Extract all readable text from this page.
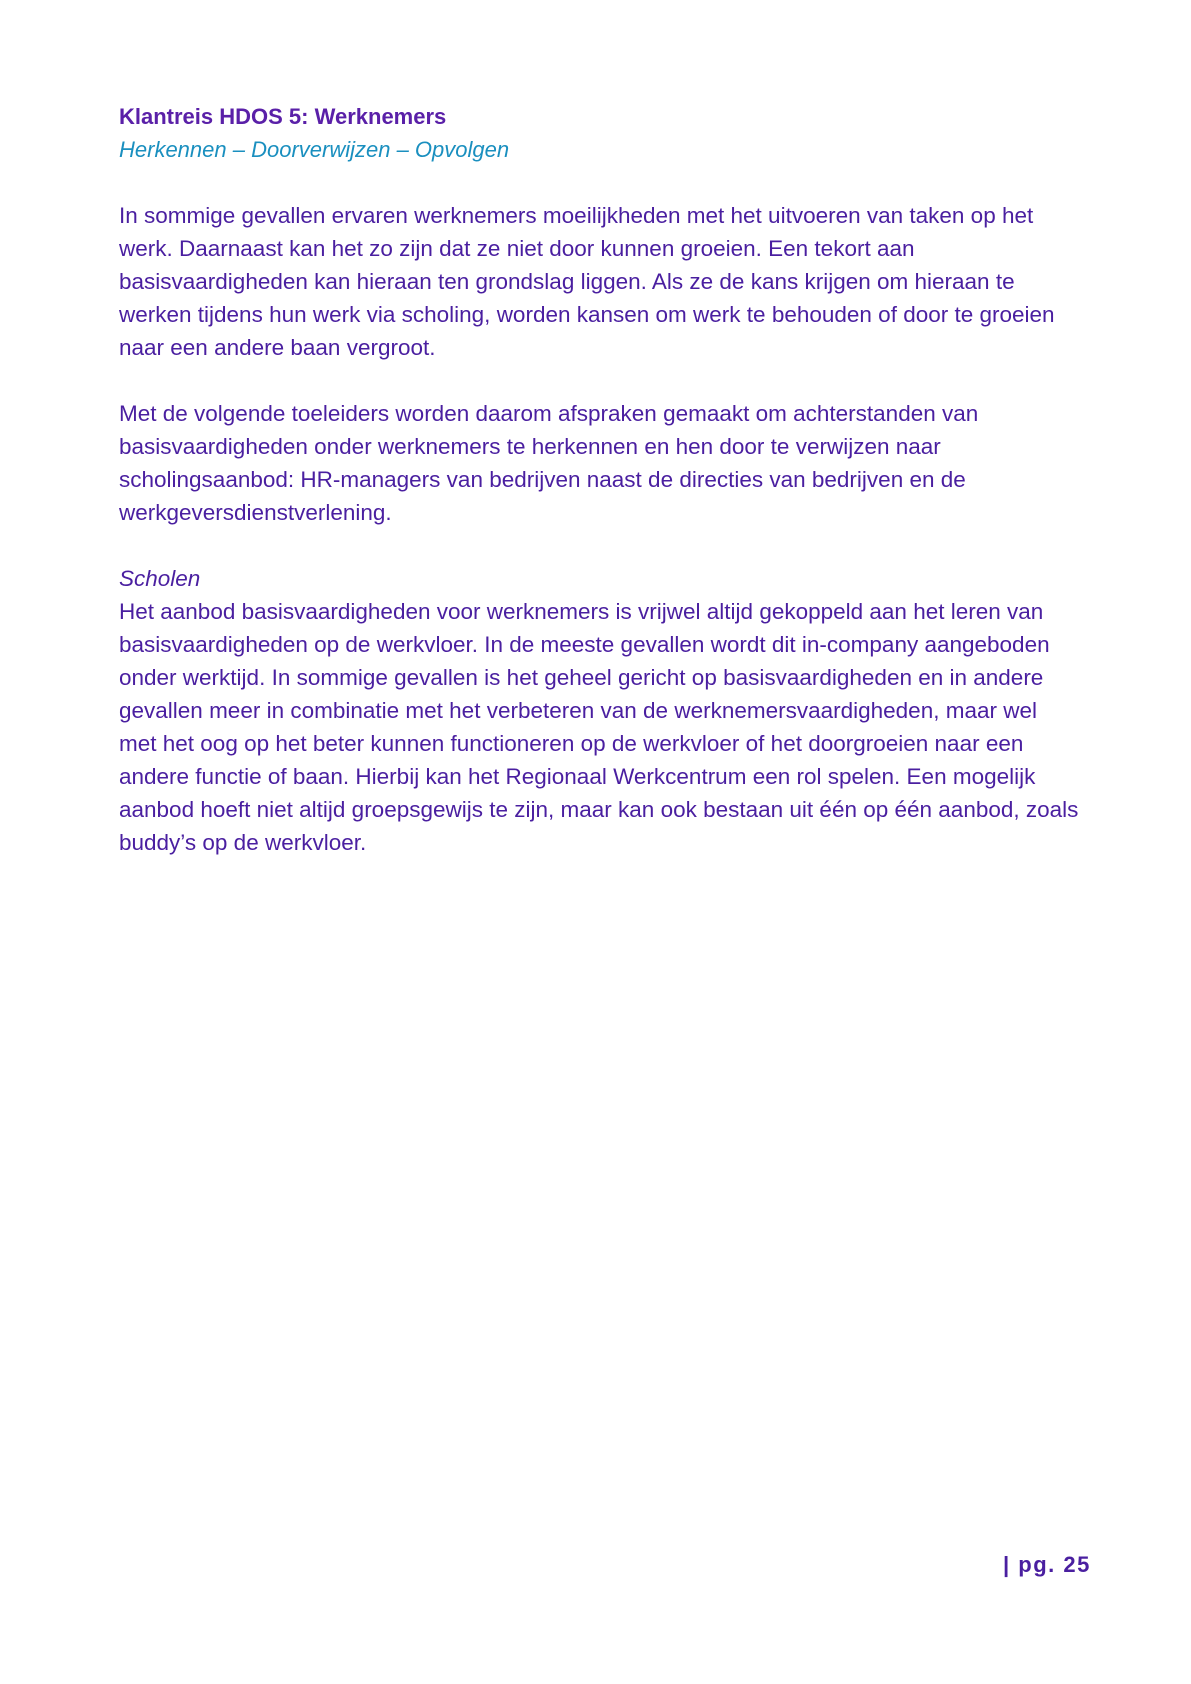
Klantreis HDOS 5: Werknemers

Herkennen – Doorverwijzen – Opvolgen

In sommige gevallen ervaren werknemers moeilijkheden met het uitvoeren van taken op het werk. Daarnaast kan het zo zijn dat ze niet door kunnen groeien. Een tekort aan basisvaardigheden kan hieraan ten grondslag liggen. Als ze de kans krijgen om hieraan te werken tijdens hun werk via scholing, worden kansen om werk te behouden of door te groeien naar een andere baan vergroot.

Met de volgende toeleiders worden daarom afspraken gemaakt om achterstanden van basisvaardigheden onder werknemers te herkennen en hen door te verwijzen naar scholingsaanbod: HR-managers van bedrijven naast de directies van bedrijven en de werkgeversdienstverlening.

Scholen

Het aanbod basisvaardigheden voor werknemers is vrijwel altijd gekoppeld aan het leren van basisvaardigheden op de werkvloer. In de meeste gevallen wordt dit in-company aangeboden onder werktijd. In sommige gevallen is het geheel gericht op basisvaardigheden en in andere gevallen meer in combinatie met het verbeteren van de werknemersvaardigheden, maar wel met het oog op het beter kunnen functioneren op de werkvloer of het doorgroeien naar een andere functie of baan. Hierbij kan het Regionaal Werkcentrum een rol spelen. Een mogelijk aanbod hoeft niet altijd groepsgewijs te zijn, maar kan ook bestaan uit één op één aanbod, zoals buddy’s op de werkvloer.

| pg. 25
